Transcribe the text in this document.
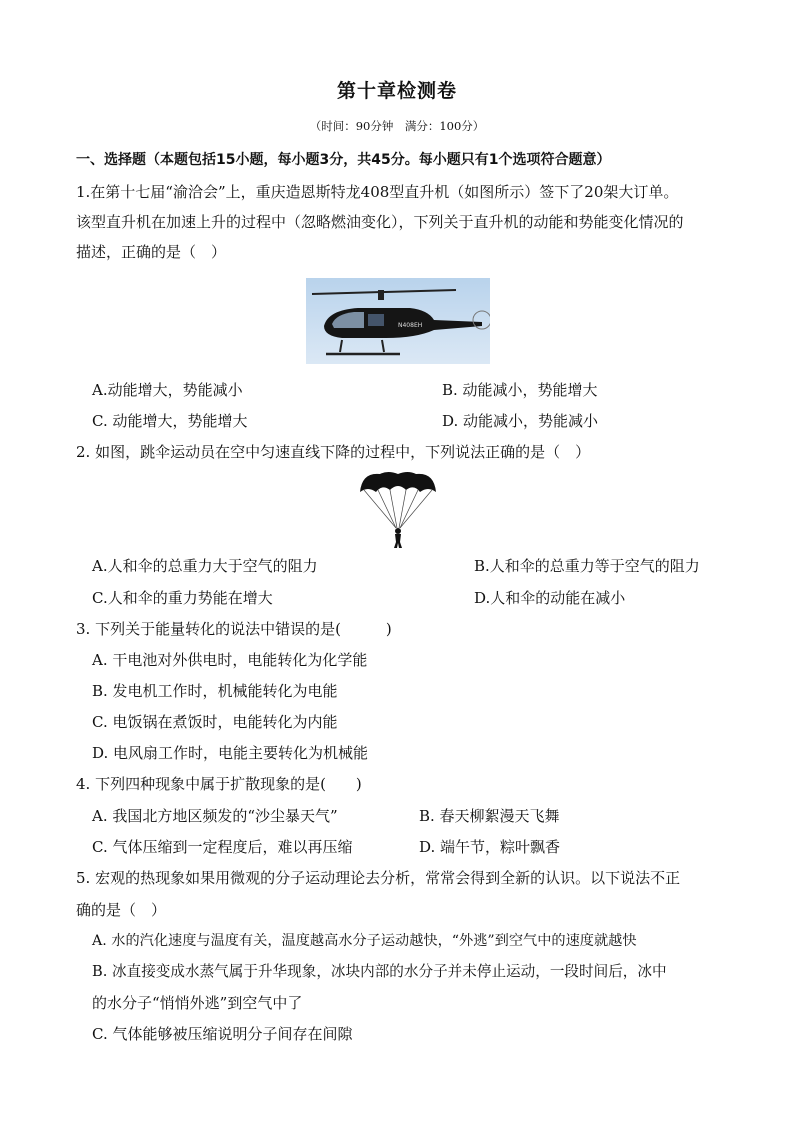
第十章检测卷
（时间：90分钟　满分：100分）
一、选择题（本题包括15小题，每小题3分，共45分。每小题只有1个选项符合题意）
1.在第十七届“渝洽会”上，重庆造恩斯特龙408型直升机（如图所示）签下了20架大订单。
该型直升机在加速上升的过程中（忽略燃油变化），下列关于直升机的动能和势能变化情况的
描述，正确的是（　）
N408EH
A.动能增大，势能减小	B. 动能减小，势能增大
C. 动能增大，势能增大	D. 动能减小，势能减小
2. 如图，跳伞运动员在空中匀速直线下降的过程中，下列说法正确的是（　）
A.人和伞的总重力大于空气的阻力	B.人和伞的总重力等于空气的阻力
C.人和伞的重力势能在增大	D.人和伞的动能在减小
3. 下列关于能量转化的说法中错误的是(　　　)
A. 干电池对外供电时，电能转化为化学能
B. 发电机工作时，机械能转化为电能
C. 电饭锅在煮饭时，电能转化为内能
D. 电风扇工作时，电能主要转化为机械能
4. 下列四种现象中属于扩散现象的是(　　)
A. 我国北方地区频发的“沙尘暴天气”	B. 春天柳絮漫天飞舞
C. 气体压缩到一定程度后，难以再压缩	D. 端午节，粽叶飘香
5. 宏观的热现象如果用微观的分子运动理论去分析，常常会得到全新的认识。以下说法不正
确的是（　）
A. 水的汽化速度与温度有关，温度越高水分子运动越快，“外逃”到空气中的速度就越快
B. 冰直接变成水蒸气属于升华现象，冰块内部的水分子并未停止运动，一段时间后，冰中
的水分子“悄悄外逃”到空气中了
C. 气体能够被压缩说明分子间存在间隙
